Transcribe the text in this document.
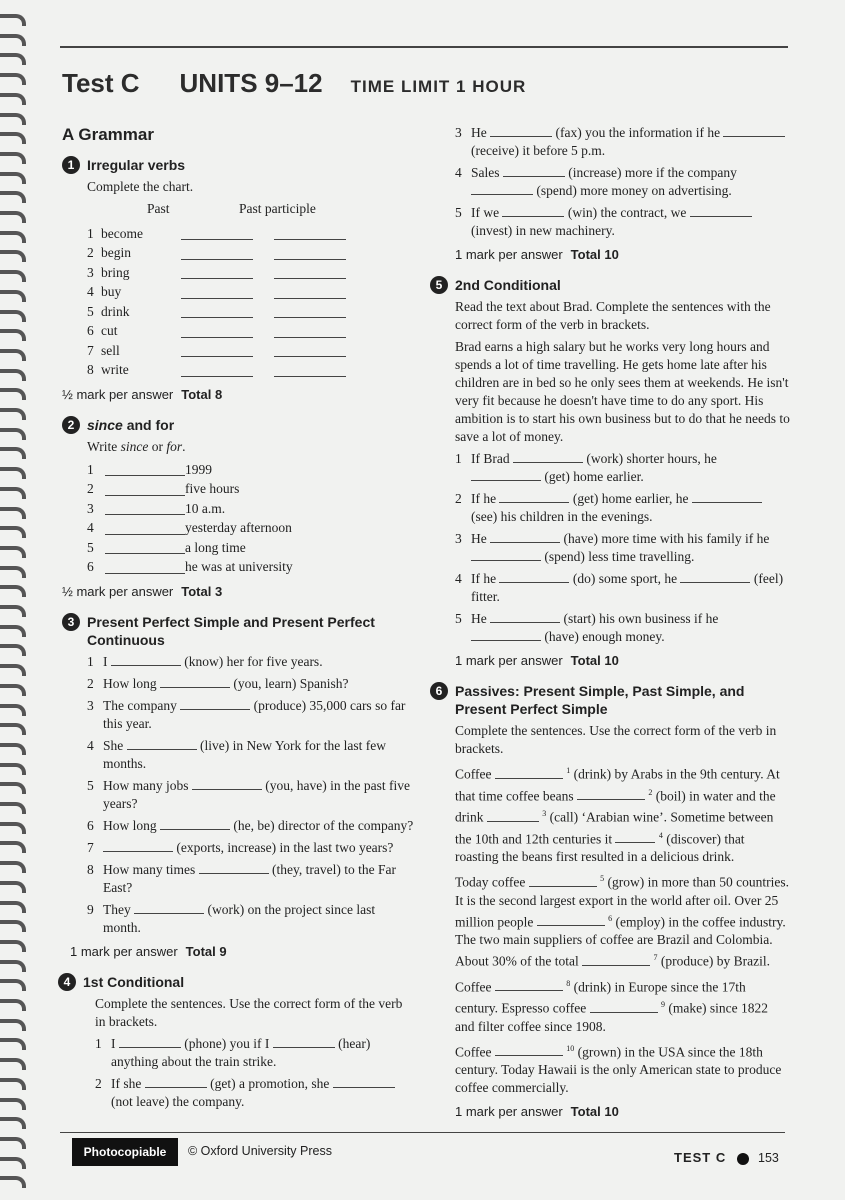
Test C UNITS 9–12 TIME LIMIT 1 HOUR
A Grammar
1 Irregular verbs

Complete the chart.

Past	Past participle
1 become
2 begin
3 bring
4 buy
5 drink
6 cut
7 sell
8 write
½ mark per answer Total 8
2 since and for

Write since or for.

1	1999
2	five hours
3	10 a.m.
4	yesterday afternoon
5	a long time
6	he was at university
½ mark per answer Total 3
3 Present Perfect Simple and Present Perfect Continuous
1 I	(know) her for five years.
2 How long	(you, learn) Spanish?
3 The company	(produce) 35,000 cars so far this year.
4 She	(live) in New York for the last few months.
5 How many jobs	(you, have) in the past five years?
6 How long	(he, be) director of the company?
7	(exports, increase) in the last two years?
8 How many times	(they, travel) to the Far East?
9 They	(work) on the project since last month.
1 mark per answer Total 9
4 1st Conditional

Complete the sentences. Use the correct form of the verb in brackets.

1 I	(phone) you if I	(hear) anything about the train strike.
2 If she	(get) a promotion, she  (not leave) the company.
3 He	(fax) you the information if he  (receive) it before 5 p.m.
4 Sales	(increase) more if the company  (spend) more money on advertising.
5 If we	(win) the contract, we  (invest) in new machinery.
1 mark per answer Total 10
5 2nd Conditional

Read the text about Brad. Complete the sentences with the correct form of the verb in brackets.

Brad earns a high salary but he works very long hours and spends a lot of time travelling. He gets home late after his children are in bed so he only sees them at weekends. He isn't very fit because he doesn't have time to do any sport. His ambition is to start his own business but to do that he needs to save a lot of money.

1 If Brad	(work) shorter hours, he  (get) home earlier.
2 If he	(get) home earlier, he  (see) his children in the evenings.
3 He	(have) more time with his family if he  (spend) less time travelling.
4 If he	(do) some sport, he	(feel) fitter.
5 He	(start) his own business if he  (have) enough money.
1 mark per answer Total 10
6 Passives: Present Simple, Past Simple, and Present Perfect Simple

Complete the sentences. Use the correct form of the verb in brackets.

Coffee	$^1$ (drink) by Arabs in the 9th century. At that time coffee beans	$^2$ (boil) in water and the drink	$^3$ (call) ‘Arabian wine’. Sometime between the 10th and 12th centuries it	$^4$ (discover) that roasting the beans first resulted in a delicious drink.

Today coffee	$^5$ (grow) in more than 50 countries. It is the second largest export in the world after oil. Over 25 million people	$^6$ (employ) in the coffee industry. The two main suppliers of coffee are Brazil and Colombia. About 30% of the total	$^7$ (produce) by Brazil.

Coffee	$^8$ (drink) in Europe since the 17th century. Espresso coffee	$^9$ (make) since 1822 and filter coffee since 1908.

Coffee	$^{10}$ (grown) in the USA since the 18th century. Today Hawaii is the only American state to produce coffee commercially.

1 mark per answer Total 10
Photocopiable	© Oxford University Press	TEST C	153
